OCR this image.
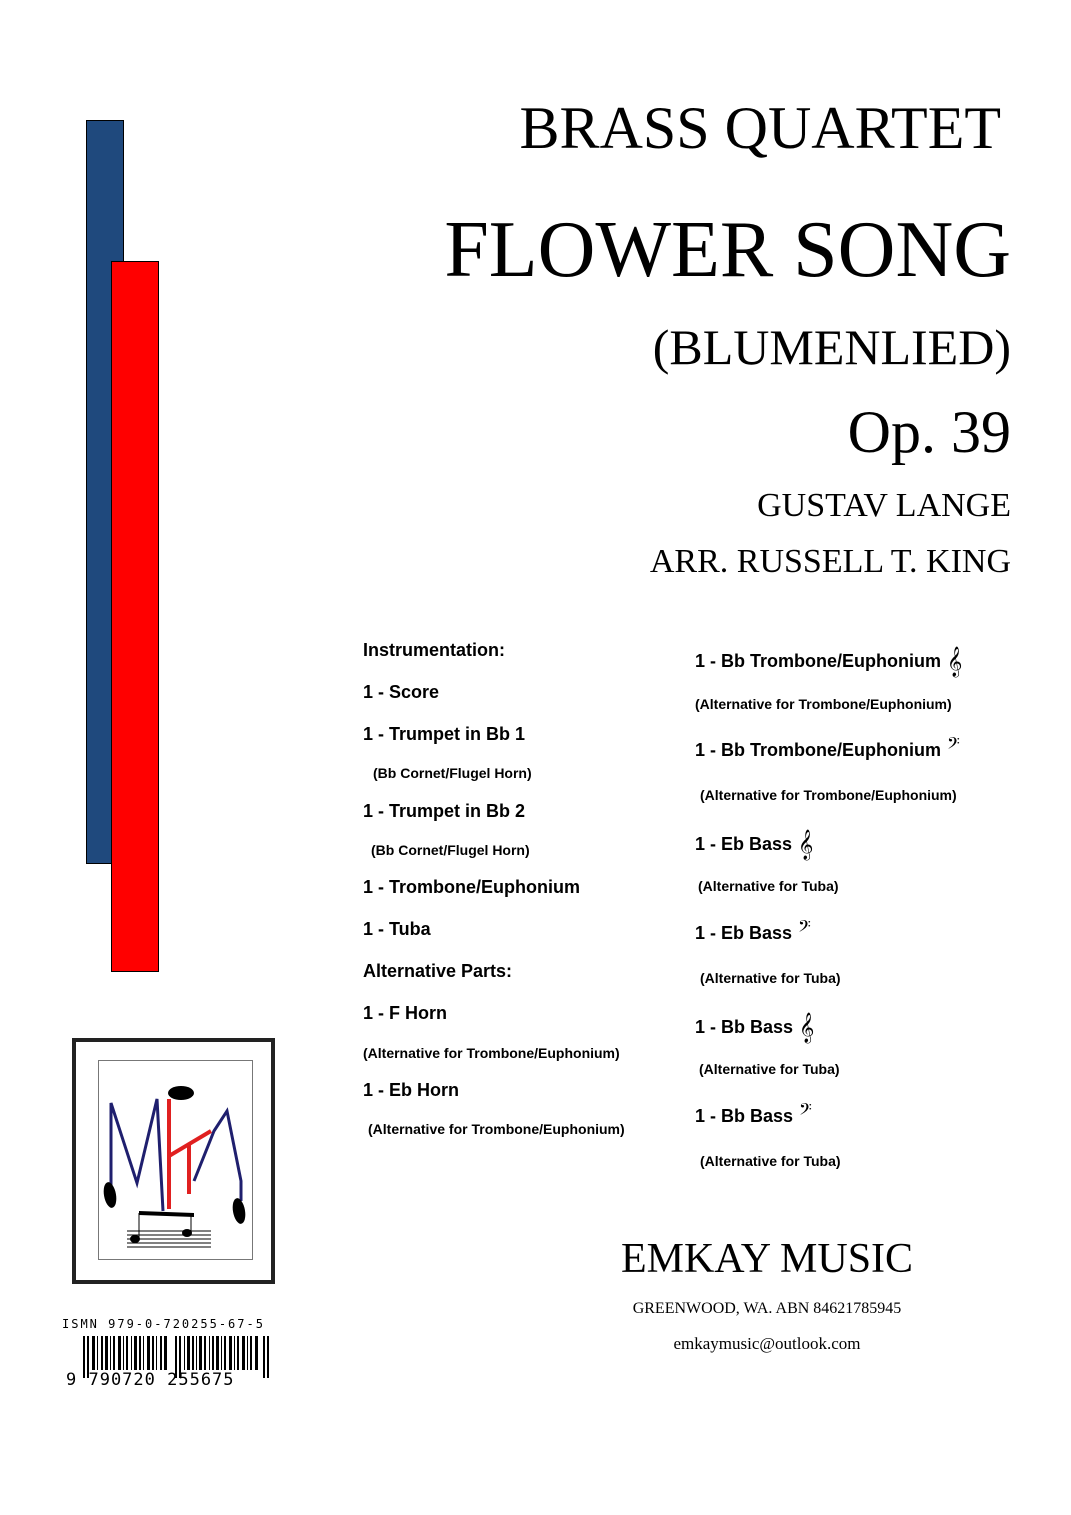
BRASS QUARTET
FLOWER SONG
(BLUMENLIED)
Op. 39
GUSTAV LANGE
ARR. RUSSELL T. KING
Instrumentation:
1 - Score
1 - Trumpet in Bb 1
(Bb Cornet/Flugel Horn)
1 - Trumpet in Bb 2
(Bb Cornet/Flugel Horn)
1 - Trombone/Euphonium
1 - Tuba
Alternative Parts:
1 - F Horn
(Alternative for Trombone/Euphonium)
1 - Eb Horn
(Alternative for Trombone/Euphonium)
1 - Bb Trombone/Euphonium 𝄞
(Alternative for Trombone/Euphonium)
1 - Bb Trombone/Euphonium 𝄢
(Alternative for Trombone/Euphonium)
1 - Eb Bass 𝄞
(Alternative for Tuba)
1 - Eb Bass 𝄢
(Alternative for Tuba)
1 - Bb Bass 𝄞
(Alternative for Tuba)
1 - Bb Bass 𝄢
(Alternative for Tuba)
EMKAY MUSIC
GREENWOOD, WA. ABN 84621785945
emkaymusic@outlook.com
ISMN 979-0-720255-67-5
9 790720 255675
